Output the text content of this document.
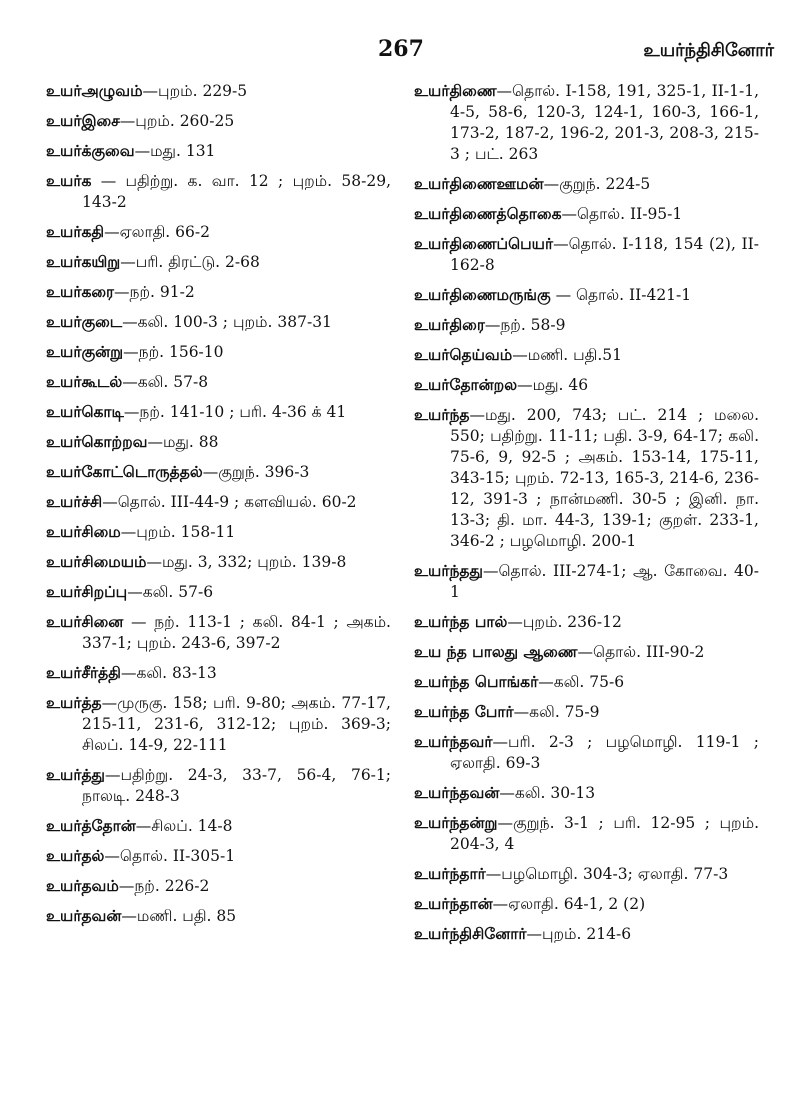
267	உயர்ந்திசினோர்

உயர்அழுவம்—புறம். 229-5

உயர்இசை—புறம். 260-25

உயர்க்குவை—மது. 131

உயர்க — பதிற்று. க. வா. 12 ; புறம். 58-29, 143-2

உயர்கதி—ஏலாதி. 66-2

உயர்கயிறு—பரி. திரட்டு. 2-68

உயர்கரை—நற். 91-2

உயர்குடை—கலி. 100-3 ; புறம். 387-31

உயர்குன்று—நற். 156-10

உயர்கூடல்—கலி. 57-8

உயர்கொடி—நற். 141-10 ; பரி. 4-36 க் 41

உயர்கொற்றவ—மது. 88

உயர்கோட்டொருத்தல்—குறுந். 396-3

உயர்ச்சி—தொல். III-44-9 ; களவியல். 60-2

உயர்சிமை—புறம். 158-11

உயர்சிமையம்—மது. 3, 332; புறம். 139-8

உயர்சிறப்பு—கலி. 57-6

உயர்சினை — நற். 113-1 ; கலி. 84-1 ; அகம். 337-1; புறம். 243-6, 397-2

உயர்சீர்த்தி—கலி. 83-13

உயர்த்த—முருகு. 158; பரி. 9-80; அகம். 77-17, 215-11, 231-6, 312-12; புறம். 369-3; சிலப். 14-9, 22-111

உயர்த்து—பதிற்று. 24-3, 33-7, 56-4, 76-1; நாலடி. 248-3

உயர்த்தோன்—சிலப். 14-8

உயர்தல்—தொல். II-305-1

உயர்தவம்—நற். 226-2

உயர்தவன்—மணி. பதி. 85

உயர்திணை—தொல். I-158, 191, 325-1, II-1-1, 4-5, 58-6, 120-3, 124-1, 160-3, 166-1, 173-2, 187-2, 196-2, 201-3, 208-3, 215-3 ; பட். 263

உயர்திணைஊமன்—குறுந். 224-5

உயர்திணைத்தொகை—தொல். II-95-1

உயர்திணைப்பெயர்—தொல். I-118, 154 (2), II-162-8

உயர்திணைமருங்கு — தொல். II-421-1

உயர்திரை—நற். 58-9

உயர்தெய்வம்—மணி. பதி.51

உயர்தோன்றல—மது. 46

உயர்ந்த—மது. 200, 743; பட். 214 ; மலை. 550; பதிற்று. 11-11; பதி. 3-9, 64-17; கலி. 75-6, 9, 92-5 ; அகம். 153-14, 175-11, 343-15; புறம். 72-13, 165-3, 214-6, 236-12, 391-3 ; நான்மணி. 30-5 ; இனி. நா. 13-3; தி. மா. 44-3, 139-1; குறள். 233-1, 346-2 ; பழமொழி. 200-1

உயர்ந்தது—தொல். III-274-1; ஆ. கோவை. 40-1

உயர்ந்த பால்—புறம். 236-12

உய ந்த பாலது ஆணை—தொல். III-90-2

உயர்ந்த பொங்கர்—கலி. 75-6

உயர்ந்த போர்—கலி. 75-9

உயர்ந்தவர்—பரி. 2-3 ; பழமொழி. 119-1 ; ஏலாதி. 69-3

உயர்ந்தவன்—கலி. 30-13

உயர்ந்தன்று—குறுந். 3-1 ; பரி. 12-95 ; புறம். 204-3, 4

உயர்ந்தார்—பழமொழி. 304-3; ஏலாதி. 77-3

உயர்ந்தான்—ஏலாதி. 64-1, 2 (2)

உயர்ந்திசினோர்—புறம். 214-6
